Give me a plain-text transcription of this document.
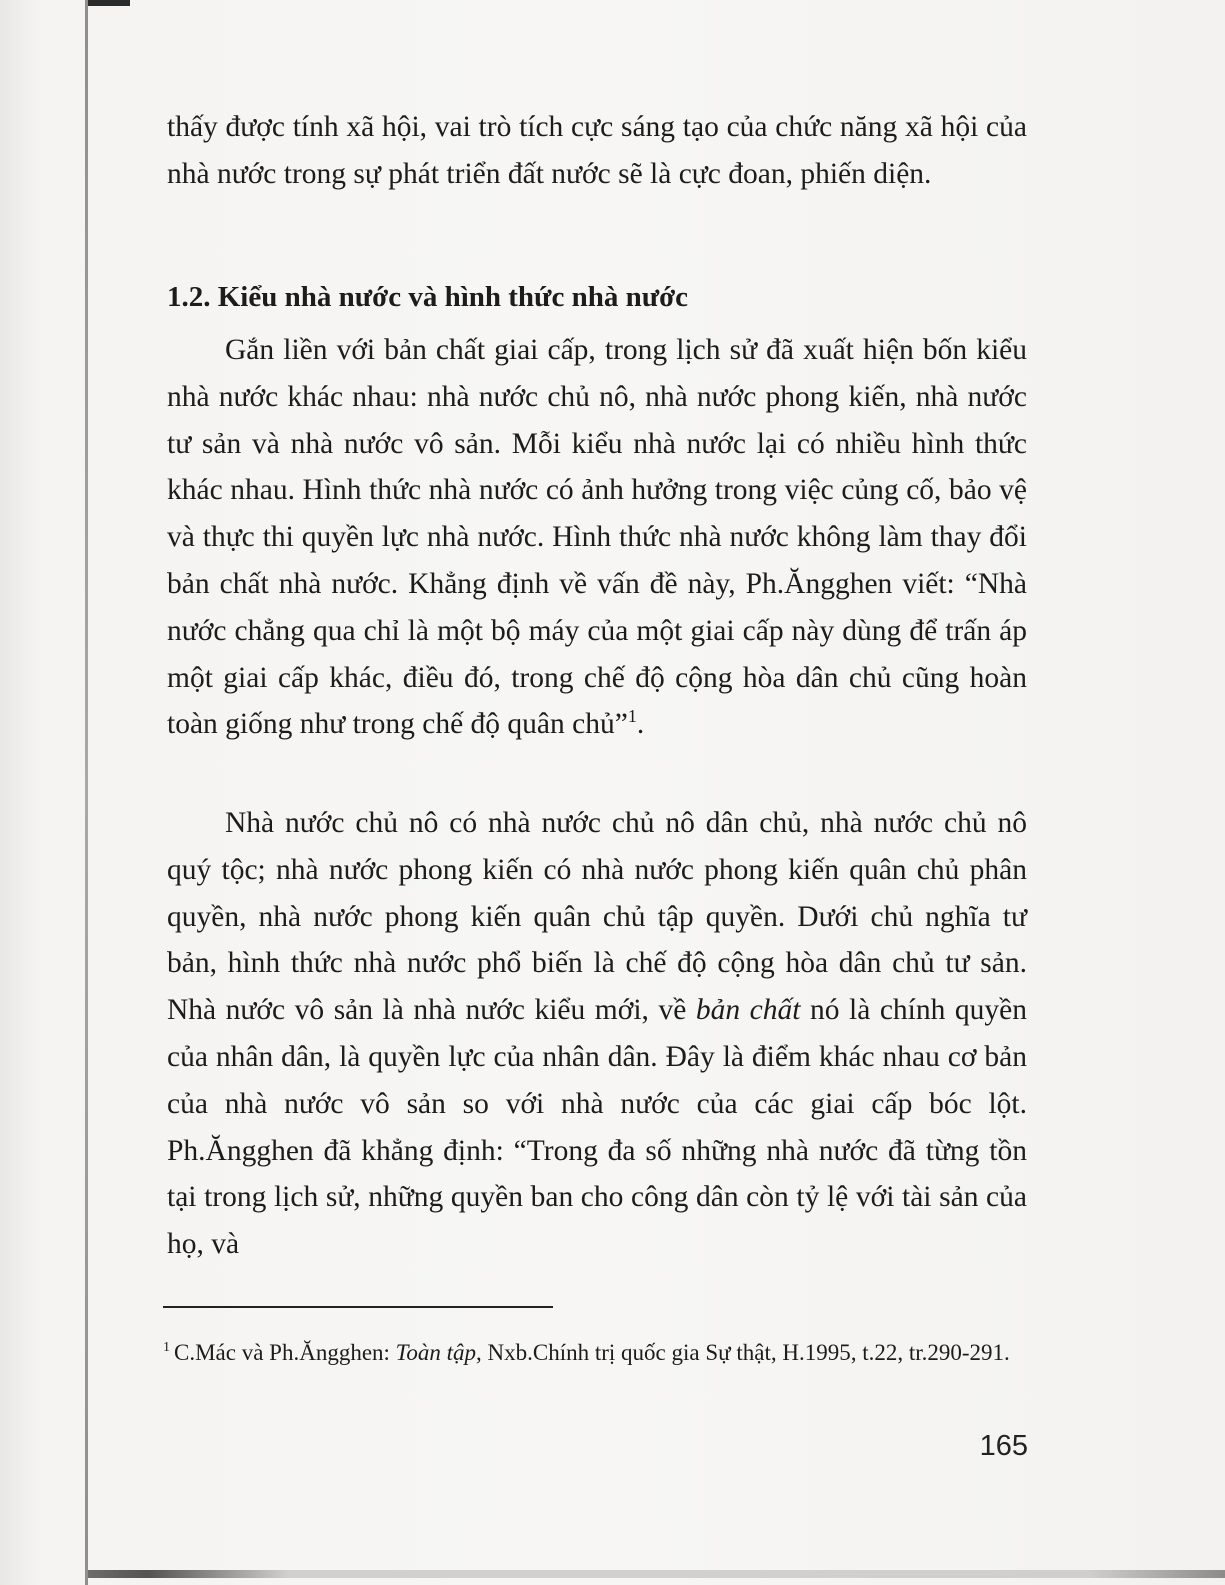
thấy được tính xã hội, vai trò tích cực sáng tạo của chức năng xã hội của nhà nước trong sự phát triển đất nước sẽ là cực đoan, phiến diện.

1.2. Kiểu nhà nước và hình thức nhà nước

Gắn liền với bản chất giai cấp, trong lịch sử đã xuất hiện bốn kiểu nhà nước khác nhau: nhà nước chủ nô, nhà nước phong kiến, nhà nước tư sản và nhà nước vô sản. Mỗi kiểu nhà nước lại có nhiều hình thức khác nhau. Hình thức nhà nước có ảnh hưởng trong việc củng cố, bảo vệ và thực thi quyền lực nhà nước. Hình thức nhà nước không làm thay đổi bản chất nhà nước. Khẳng định về vấn đề này, Ph.Ăngghen viết: “Nhà nước chẳng qua chỉ là một bộ máy của một giai cấp này dùng để trấn áp một giai cấp khác, điều đó, trong chế độ cộng hòa dân chủ cũng hoàn toàn giống như trong chế độ quân chủ”$^1$.

Nhà nước chủ nô có nhà nước chủ nô dân chủ, nhà nước chủ nô quý tộc; nhà nước phong kiến có nhà nước phong kiến quân chủ phân quyền, nhà nước phong kiến quân chủ tập quyền. Dưới chủ nghĩa tư bản, hình thức nhà nước phổ biến là chế độ cộng hòa dân chủ tư sản. Nhà nước vô sản là nhà nước kiểu mới, về bản chất nó là chính quyền của nhân dân, là quyền lực của nhân dân. Đây là điểm khác nhau cơ bản của nhà nước vô sản so với nhà nước của các giai cấp bóc lột. Ph.Ăngghen đã khẳng định: “Trong đa số những nhà nước đã từng tồn tại trong lịch sử, những quyền ban cho công dân còn tỷ lệ với tài sản của họ, và

$^1$ C.Mác và Ph.Ăngghen: Toàn tập, Nxb.Chính trị quốc gia Sự thật, H.1995, t.22, tr.290-291.
165
